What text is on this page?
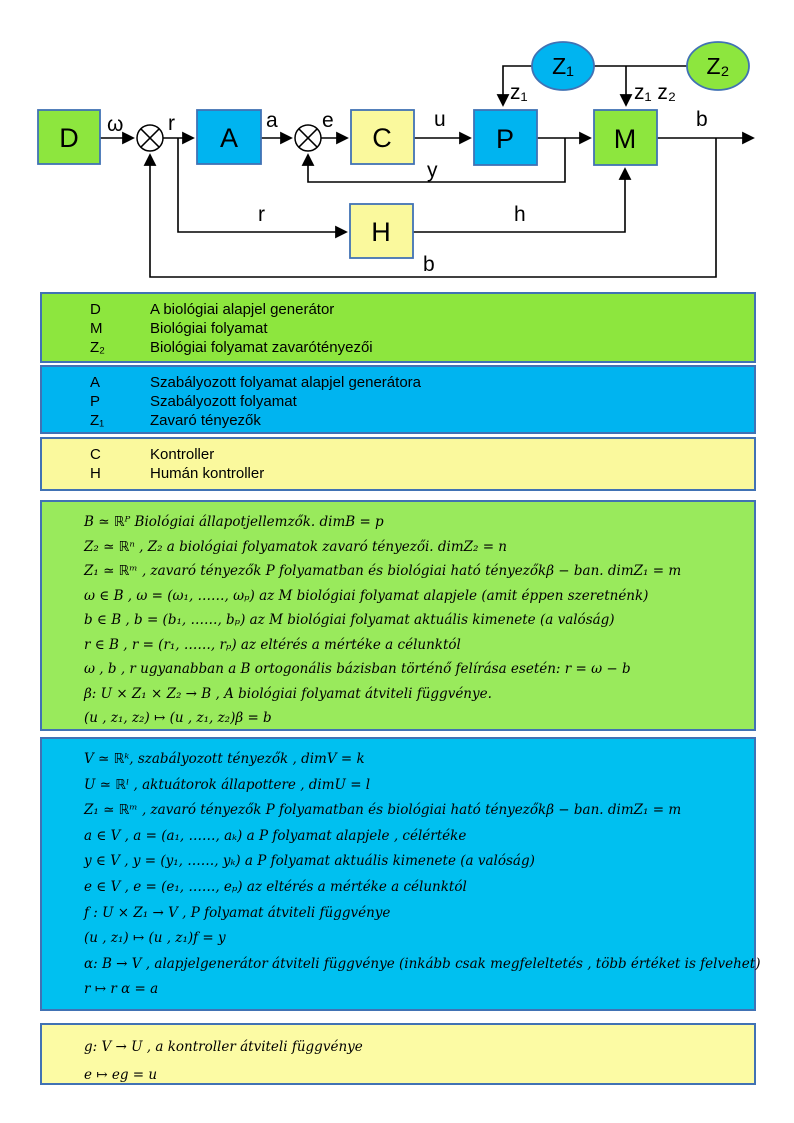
D	A	C	P	M
H
Z₁	Z₂
ω r	a e	u
y
b
z₁	z₁ z₂
r	h
b
D	A biológiai alapjel generátor
M	Biológiai folyamat
Z₂	Biológiai folyamat zavarótényezői
A	Szabályozott folyamat alapjel generátora
P	Szabályozott folyamat
Z₁	Zavaró tényezők
C	Kontroller
H	Humán kontroller
B ≃ ℝᴾ Biológiai állapotjellemzők. dimB = p
Z₂ ≃ ℝⁿ , Z₂ a biológiai folyamatok zavaró tényezői. dimZ₂ = n
Z₁ ≃ ℝᵐ , zavaró tényezők P folyamatban és biológiai ható tényezőkβ − ban. dimZ₁ = m
ω ∈ B , ω = (ω₁, ……, ωₚ) az M biológiai folyamat alapjele (amit éppen szeretnénk)
b ∈ B , b = (b₁, ……, bₚ) az M biológiai folyamat aktuális kimenete (a valóság)
r ∈ B , r = (r₁, ……, rₚ) az eltérés a mértéke a célunktól
ω , b , r ugyanabban a B ortogonális bázisban történő felírása esetén: r = ω − b
β: U × Z₁ × Z₂ → B , A biológiai folyamat átviteli függvénye.
(u , z₁, z₂) ↦ (u , z₁, z₂)β = b
V ≃ ℝᵏ, szabályozott tényezők , dimV = k
U ≃ ℝˡ , aktuátorok állapottere , dimU = l
Z₁ ≃ ℝᵐ , zavaró tényezők P folyamatban és biológiai ható tényezőkβ − ban. dimZ₁ = m
a ∈ V , a = (a₁, ……, aₖ) a P folyamat alapjele , célértéke
y ∈ V , y = (y₁, ……, yₖ) a P folyamat aktuális kimenete (a valóság)
e ∈ V , e = (e₁, ……, eₚ) az eltérés a mértéke a célunktól
f : U × Z₁ → V , P folyamat átviteli függvénye
(u , z₁) ↦ (u , z₁)f = y
α: B → V , alapjelgenerátor átviteli függvénye (inkább csak megfeleltetés , több értéket is felvehet)
r ↦ r α = a
g: V → U , a kontroller átviteli függvénye
e ↦ eg = u
